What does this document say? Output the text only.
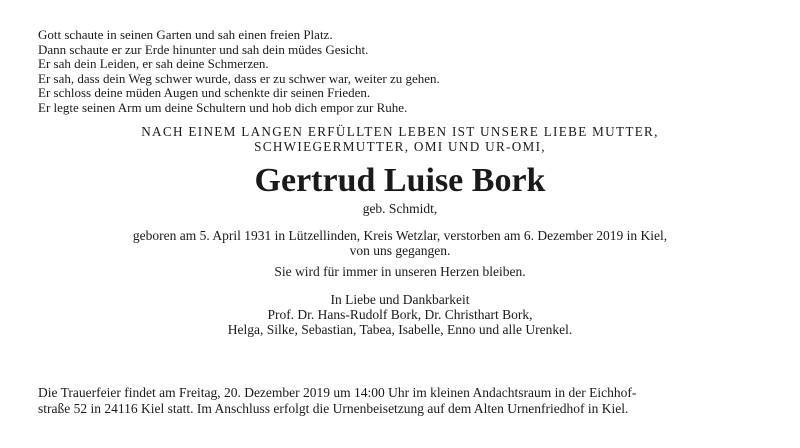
Gott schaute in seinen Garten und sah einen freien Platz.
Dann schaute er zur Erde hinunter und sah dein müdes Gesicht.
Er sah dein Leiden, er sah deine Schmerzen.
Er sah, dass dein Weg schwer wurde, dass er zu schwer war, weiter zu gehen.
Er schloss deine müden Augen und schenkte dir seinen Frieden.
Er legte seinen Arm um deine Schultern und hob dich empor zur Ruhe.
NACH EINEM LANGEN ERFÜLLTEN LEBEN IST UNSERE LIEBE MUTTER,
SCHWIEGERMUTTER, OMI UND UR-OMI,
Gertrud Luise Bork
geb. Schmidt,
geboren am 5. April 1931 in Lützellinden, Kreis Wetzlar, verstorben am 6. Dezember 2019 in Kiel,
von uns gegangen.
Sie wird für immer in unseren Herzen bleiben.
In Liebe und Dankbarkeit
Prof. Dr. Hans-Rudolf Bork, Dr. Christhart Bork,
Helga, Silke, Sebastian, Tabea, Isabelle, Enno und alle Urenkel.
Die Trauerfeier findet am Freitag, 20. Dezember 2019 um 14:00 Uhr im kleinen Andachtsraum in der Eichhof-
straße 52 in 24116 Kiel statt. Im Anschluss erfolgt die Urnenbeisetzung auf dem Alten Urnenfriedhof in Kiel.
